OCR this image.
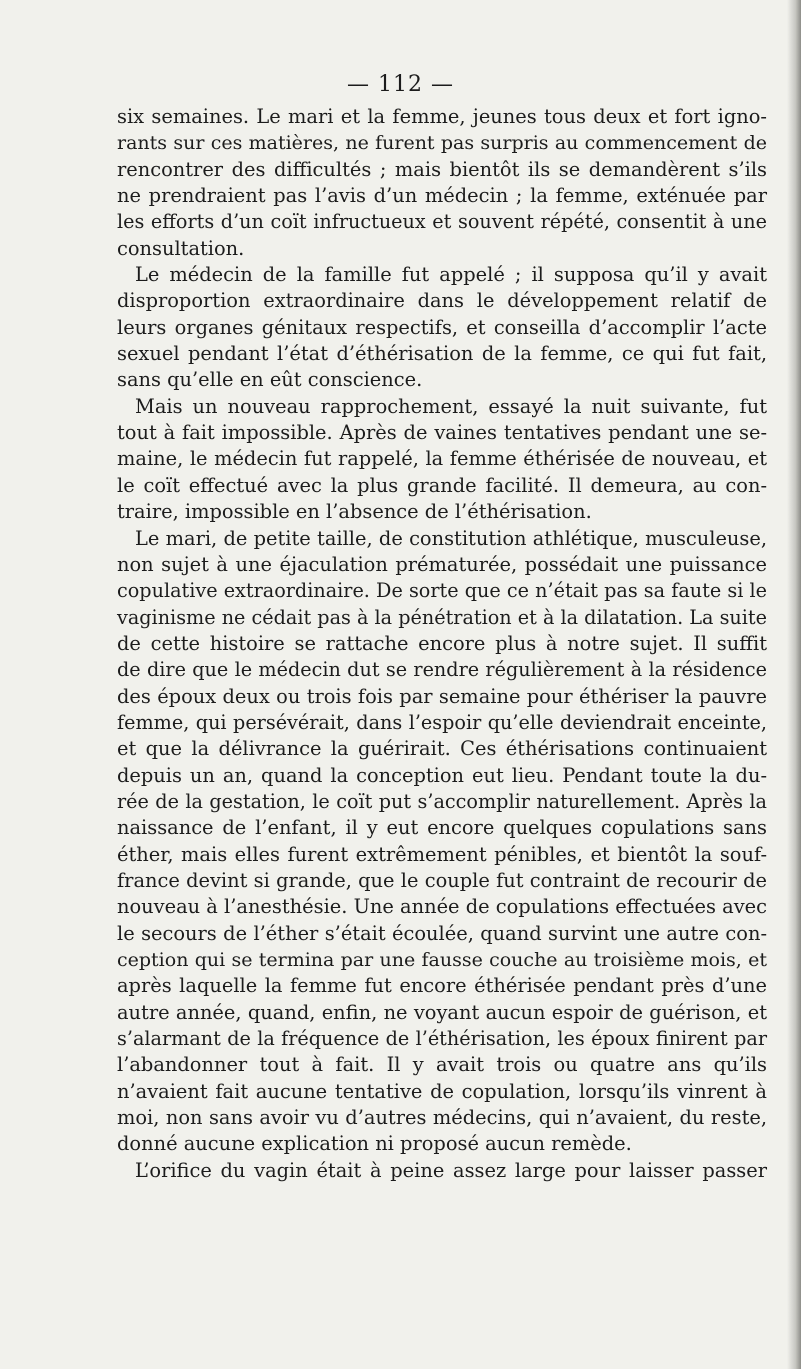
— 112 —
six semaines. Le mari et la femme, jeunes tous deux et fort igno-
rants sur ces matières, ne furent pas surpris au commencement de
rencontrer des difficultés ; mais bientôt ils se demandèrent s’ils
ne prendraient pas l’avis d’un médecin ; la femme, exténuée par
les efforts d’un coït infructueux et souvent répété, consentit à une
consultation.
Le médecin de la famille fut appelé ; il supposa qu’il y avait
disproportion extraordinaire dans le développement relatif de
leurs organes génitaux respectifs, et conseilla d’accomplir l’acte
sexuel pendant l’état d’éthérisation de la femme, ce qui fut fait,
sans qu’elle en eût conscience.
Mais un nouveau rapprochement, essayé la nuit suivante, fut
tout à fait impossible. Après de vaines tentatives pendant une se-
maine, le médecin fut rappelé, la femme éthérisée de nouveau, et
le coït effectué avec la plus grande facilité. Il demeura, au con-
traire, impossible en l’absence de l’éthérisation.
Le mari, de petite taille, de constitution athlétique, musculeuse,
non sujet à une éjaculation prématurée, possédait une puissance
copulative extraordinaire. De sorte que ce n’était pas sa faute si le
vaginisme ne cédait pas à la pénétration et à la dilatation. La suite
de cette histoire se rattache encore plus à notre sujet. Il suffit
de dire que le médecin dut se rendre régulièrement à la résidence
des époux deux ou trois fois par semaine pour éthériser la pauvre
femme, qui persévérait, dans l’espoir qu’elle deviendrait enceinte,
et que la délivrance la guérirait. Ces éthérisations continuaient
depuis un an, quand la conception eut lieu. Pendant toute la du-
rée de la gestation, le coït put s’accomplir naturellement. Après la
naissance de l’enfant, il y eut encore quelques copulations sans
éther, mais elles furent extrêmement pénibles, et bientôt la souf-
france devint si grande, que le couple fut contraint de recourir de
nouveau à l’anesthésie. Une année de copulations effectuées avec
le secours de l’éther s’était écoulée, quand survint une autre con-
ception qui se termina par une fausse couche au troisième mois, et
après laquelle la femme fut encore éthérisée pendant près d’une
autre année, quand, enfin, ne voyant aucun espoir de guérison, et
s’alarmant de la fréquence de l’éthérisation, les époux finirent par
l’abandonner tout à fait. Il y avait trois ou quatre ans qu’ils
n’avaient fait aucune tentative de copulation, lorsqu’ils vinrent à
moi, non sans avoir vu d’autres médecins, qui n’avaient, du reste,
donné aucune explication ni proposé aucun remède.
L’orifice du vagin était à peine assez large pour laisser passer
